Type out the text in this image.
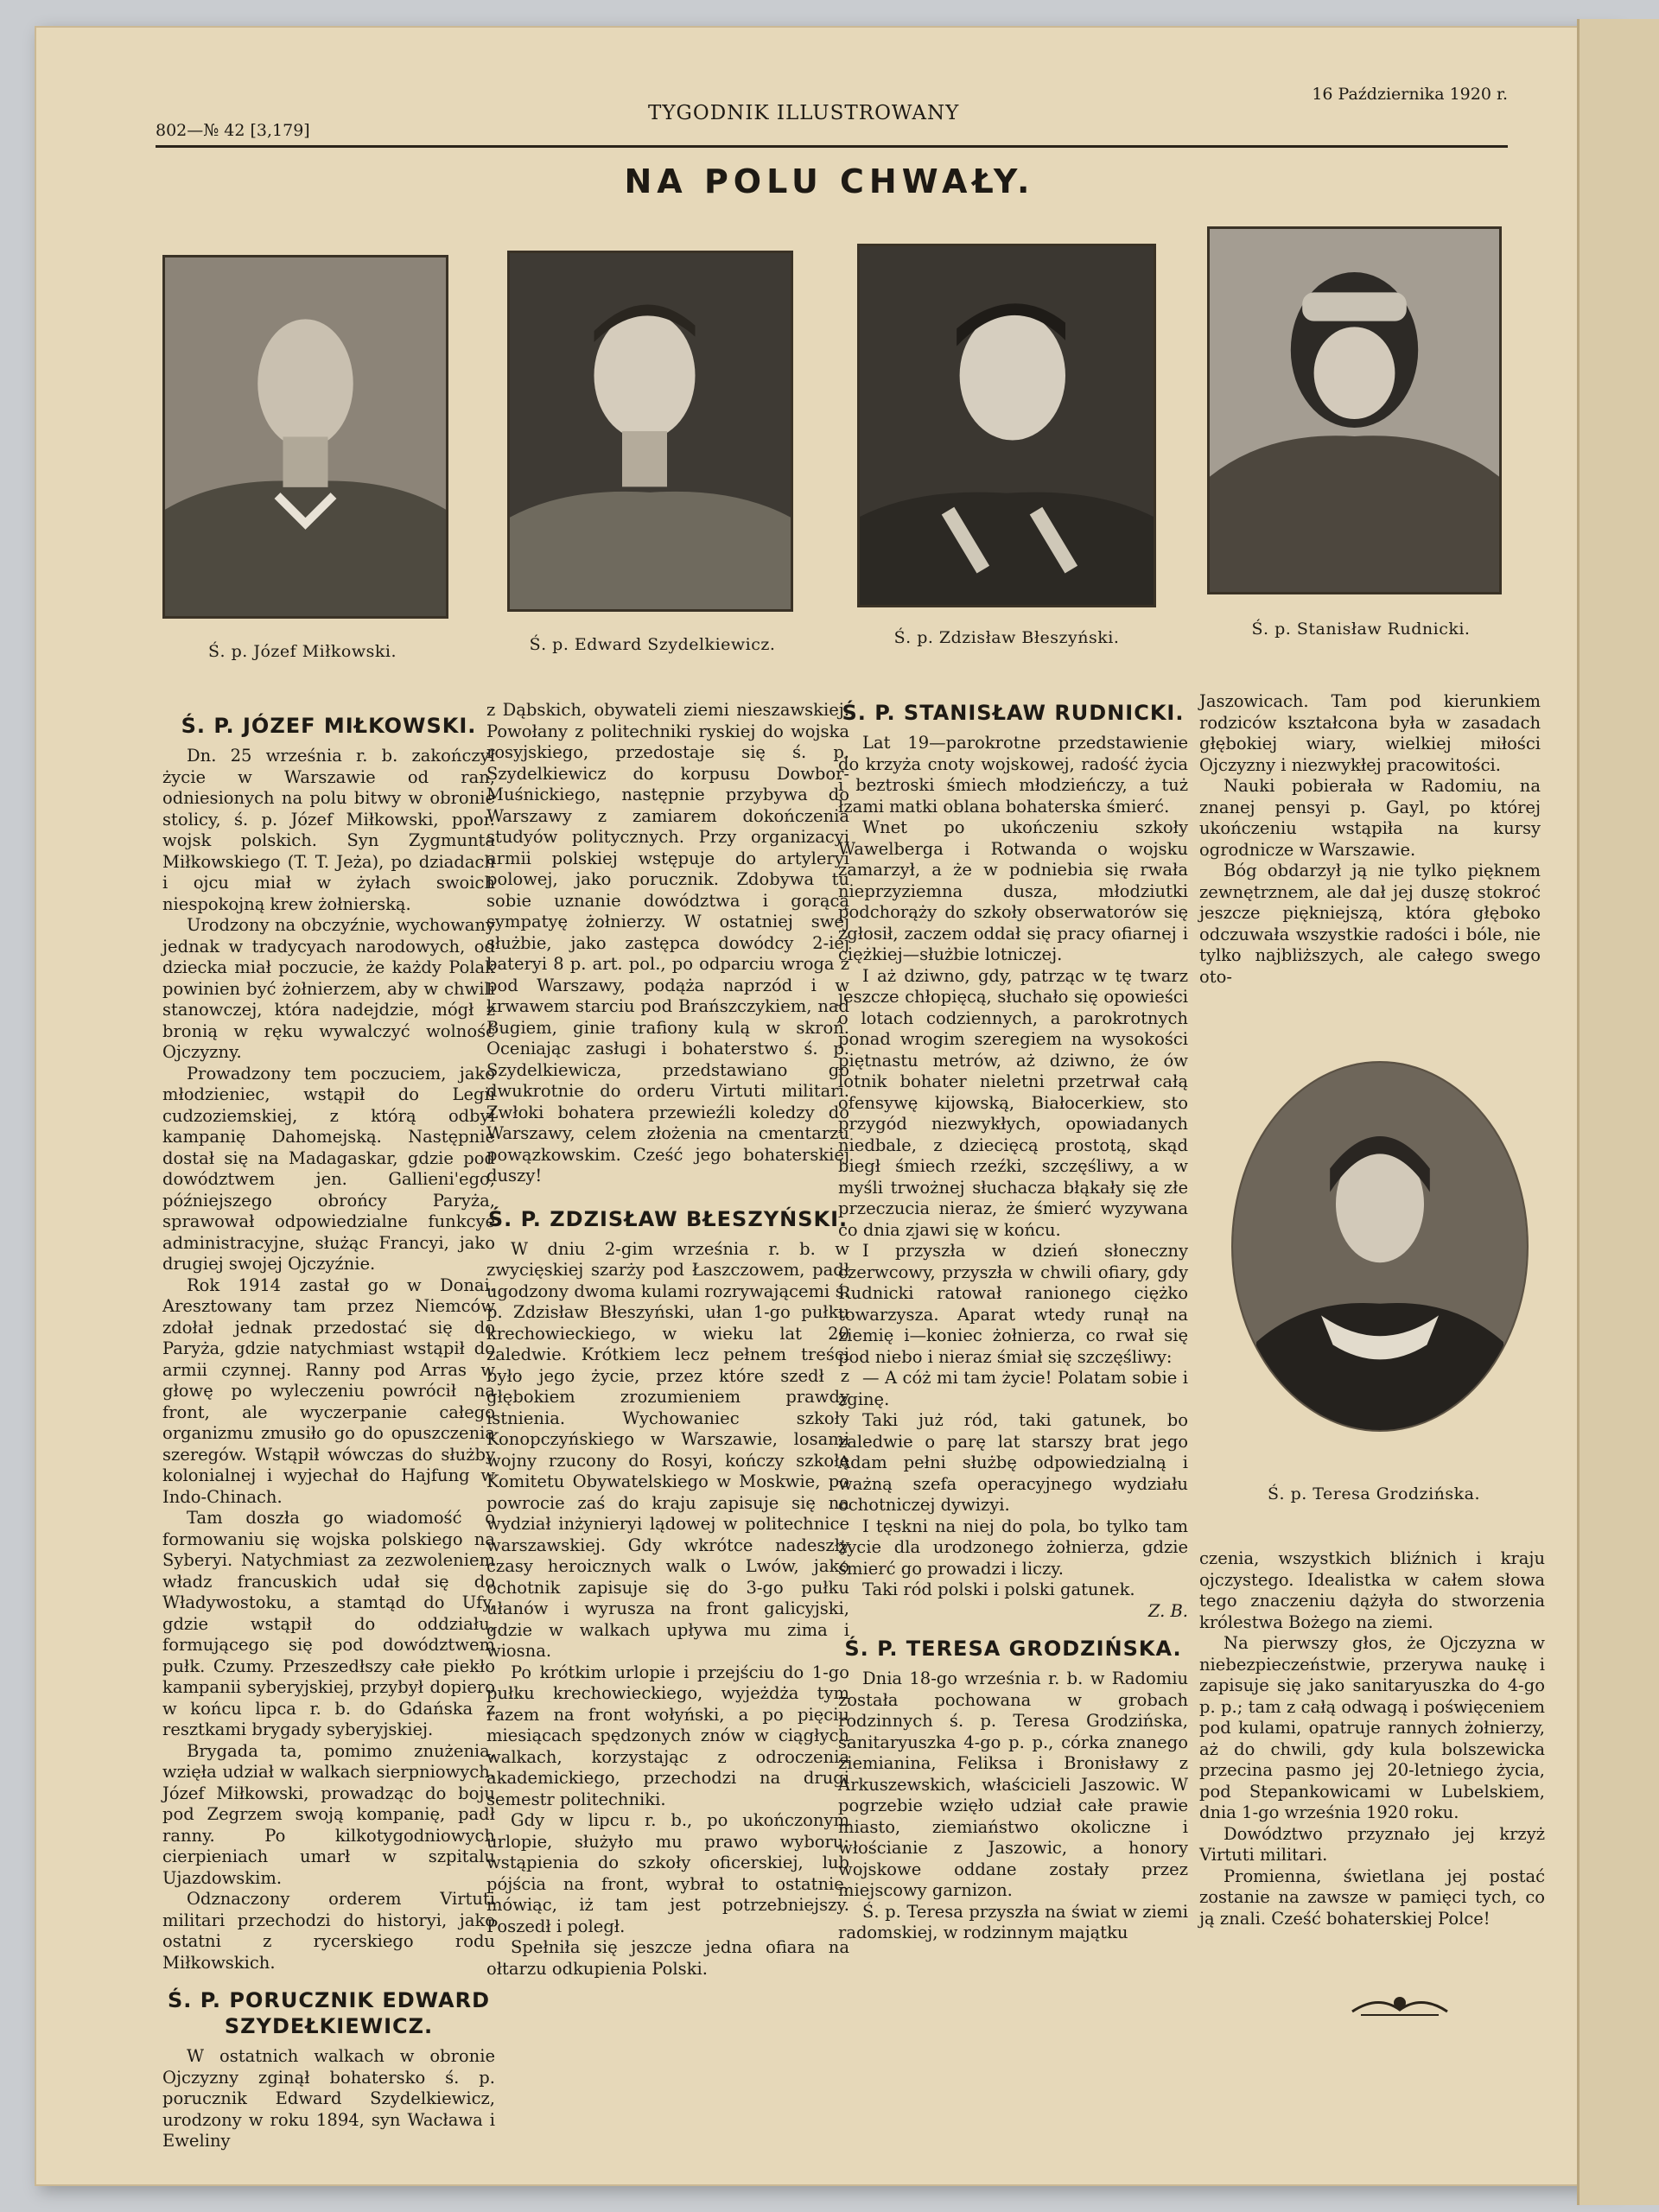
802—№ 42 [3,179]
TYGODNIK ILLUSTROWANY
16 Października 1920 r.
NA POLU CHWAŁY.
Ś. p. Józef Miłkowski.	Ś. p. Edward Szydelkiewicz.	Ś. p. Zdzisław Błeszyński.	Ś. p. Stanisław Rudnicki.
Ś. P. JÓZEF MIŁKOWSKI.

Dn. 25 września r. b. zakończył życie w Warszawie od ran, odniesionych na polu bitwy w obronie stolicy, ś. p. Józef Miłkowski, ppor. wojsk polskich. Syn Zygmunta Miłkowskiego (T. T. Jeża), po dziadach i ojcu miał w żyłach swoich niespokojną krew żołnierską.

Urodzony na obczyźnie, wychowany jednak w tradycyach narodowych, od dziecka miał poczucie, że każdy Polak powinien być żołnierzem, aby w chwili stanowczej, która nadejdzie, mógł z bronią w ręku wywalczyć wolność Ojczyzny.

Prowadzony tem poczuciem, jako młodzieniec, wstąpił do Legii cudzoziemskiej, z którą odbył kampanię Dahomejską. Następnie dostał się na Madagaskar, gdzie pod dowództwem jen. Gallieni'ego, późniejszego obrońcy Paryża, sprawował odpowiedzialne funkcye administracyjne, służąc Francyi, jako drugiej swojej Ojczyźnie.

Rok 1914 zastał go w Donai. Aresztowany tam przez Niemców zdołał jednak przedostać się do Paryża, gdzie natychmiast wstąpił do armii czynnej. Ranny pod Arras w głowę po wyleczeniu powrócił na front, ale wyczerpanie całego organizmu zmusiło go do opuszczenia szeregów. Wstąpił wówczas do służby kolonialnej i wyjechał do Hajfung w Indo-Chinach.

Tam doszła go wiadomość o formowaniu się wojska polskiego na Syberyi. Natychmiast za zezwoleniem władz francuskich udał się do Władywostoku, a stamtąd do Ufy, gdzie wstąpił do oddziału, formującego się pod dowództwem pułk. Czumy. Przeszedłszy całe piekło kampanii syberyjskiej, przybył dopiero w końcu lipca r. b. do Gdańska z resztkami brygady syberyjskiej.

Brygada ta, pomimo znużenia, wzięła udział w walkach sierpniowych. Józef Miłkowski, prowadząc do boju pod Zegrzem swoją kompanię, padł ranny. Po kilkotygodniowych cierpieniach umarł w szpitalu Ujazdowskim.

Odznaczony orderem Virtuti militari przechodzi do historyi, jako ostatni z rycerskiego rodu Miłkowskich.

Ś. P. PORUCZNIK EDWARD SZYDEŁKIEWICZ.

W ostatnich walkach w obronie Ojczyzny zginął bohatersko ś. p. porucznik Edward Szydelkiewicz, urodzony w roku 1894, syn Wacława i Eweliny

z Dąbskich, obywateli ziemi nieszawskiej. Powołany z politechniki ryskiej do wojska rosyjskiego, przedostaje się ś. p. Szydelkiewicz do korpusu Dowbor-Muśnickiego, następnie przybywa do Warszawy z zamiarem dokończenia studyów politycznych. Przy organizacyi armii polskiej wstępuje do artyleryi polowej, jako porucznik. Zdobywa tu sobie uznanie dowództwa i gorącą sympatyę żołnierzy. W ostatniej swej służbie, jako zastępca dowódcy 2-iej bateryi 8 p. art. pol., po odparciu wroga z pod Warszawy, podąża naprzód i w krwawem starciu pod Brańszczykiem, nad Bugiem, ginie trafiony kulą w skroń. Oceniając zasługi i bohaterstwo ś. p. Szydelkiewicza, przedstawiano go dwukrotnie do orderu Virtuti militari. Zwłoki bohatera przewieźli koledzy do Warszawy, celem złożenia na cmentarzu powązkowskim. Cześć jego bohaterskiej duszy!

Ś. P. ZDZISŁAW BŁESZYŃSKI.

W dniu 2-gim września r. b. w zwycięskiej szarży pod Łaszczowem, padł ugodzony dwoma kulami rozrywającemi ś. p. Zdzisław Błeszyński, ułan 1-go pułku krechowieckiego, w wieku lat 20 zaledwie. Krótkiem lecz pełnem treści było jego życie, przez które szedł z głębokiem zrozumieniem prawdy istnienia. Wychowaniec szkoły Konopczyńskiego w Warszawie, losami wojny rzucony do Rosyi, kończy szkołę Komitetu Obywatelskiego w Moskwie, po powrocie zaś do kraju zapisuje się na wydział inżynieryi lądowej w politechnice warszawskiej. Gdy wkrótce nadeszły czasy heroicznych walk o Lwów, jako ochotnik zapisuje się do 3-go pułku ułanów i wyrusza na front galicyjski, gdzie w walkach upływa mu zima i wiosna.

Po krótkim urlopie i przejściu do 1-go pułku krechowieckiego, wyjeżdża tym razem na front wołyński, a po pięciu miesiącach spędzonych znów w ciągłych walkach, korzystając z odroczenia akademickiego, przechodzi na drugi semestr politechniki.

Gdy w lipcu r. b., po ukończonym urlopie, służyło mu prawo wyboru: wstąpienia do szkoły oficerskiej, lub pójścia na front, wybrał to ostatnie, mówiąc, iż tam jest potrzebniejszy. Poszedł i poległ.

Spełniła się jeszcze jedna ofiara na ołtarzu odkupienia Polski.

Ś. P. STANISŁAW RUDNICKI.

Lat 19—parokrotne przedstawienie do krzyża cnoty wojskowej, radość życia i beztroski śmiech młodzieńczy, a tuż łzami matki oblana bohaterska śmierć.

Wnet po ukończeniu szkoły Wawelberga i Rotwanda o wojsku zamarzył, a że w podniebia się rwała nieprzyziemna dusza, młodziutki podchorąży do szkoły obserwatorów się zgłosił, zaczem oddał się pracy ofiarnej i ciężkiej—służbie lotniczej.

I aż dziwno, gdy, patrząc w tę twarz jeszcze chłopięcą, słuchało się opowieści o lotach codziennych, a parokrotnych ponad wrogim szeregiem na wysokości piętnastu metrów, aż dziwno, że ów lotnik bohater nieletni przetrwał całą ofensywę kijowską, Białocerkiew, sto przygód niezwykłych, opowiadanych niedbale, z dziecięcą prostotą, skąd biegł śmiech rzeźki, szczęśliwy, a w myśli trwożnej słuchacza błąkały się złe przeczucia nieraz, że śmierć wyzywana co dnia zjawi się w końcu.

I przyszła w dzień słoneczny czerwcowy, przyszła w chwili ofiary, gdy Rudnicki ratował ranionego ciężko towarzysza. Aparat wtedy runął na ziemię i—koniec żołnierza, co rwał się pod niebo i nieraz śmiał się szczęśliwy:

— A cóż mi tam życie! Polatam sobie i zginę.

Taki już ród, taki gatunek, bo zaledwie o parę lat starszy brat jego Adam pełni służbę odpowiedzialną i ważną szefa operacyjnego wydziału ochotniczej dywizyi.

I tęskni na niej do pola, bo tylko tam życie dla urodzonego żołnierza, gdzie śmierć go prowadzi i liczy.

Taki ród polski i polski gatunek.

Z. B.

Ś. P. TERESA GRODZIŃSKA.

Dnia 18-go września r. b. w Radomiu została pochowana w grobach rodzinnych ś. p. Teresa Grodzińska, sanitaryuszka 4-go p. p., córka znanego ziemianina, Feliksa i Bronisławy z Arkuszewskich, właścicieli Jaszowic. W pogrzebie wzięło udział całe prawie miasto, ziemiaństwo okoliczne i włościanie z Jaszowic, a honory wojskowe oddane zostały przez miejscowy garnizon.

Ś. p. Teresa przyszła na świat w ziemi radomskiej, w rodzinnym majątku

Jaszowicach. Tam pod kierunkiem rodziców kształcona była w zasadach głębokiej wiary, wielkiej miłości Ojczyzny i niezwykłej pracowitości.

Nauki pobierała w Radomiu, na znanej pensyi p. Gayl, po której ukończeniu wstąpiła na kursy ogrodnicze w Warszawie.

Bóg obdarzył ją nie tylko pięknem zewnętrznem, ale dał jej duszę stokroć jeszcze piękniejszą, która głęboko odczuwała wszystkie radości i bóle, nie tylko najbliższych, ale całego swego oto-

Ś. p. Teresa Grodzińska.

czenia, wszystkich bliźnich i kraju ojczystego. Idealistka w całem słowa tego znaczeniu dążyła do stworzenia królestwa Bożego na ziemi.

Na pierwszy głos, że Ojczyzna w niebezpieczeństwie, przerywa naukę i zapisuje się jako sanitaryuszka do 4-go p. p.; tam z całą odwagą i poświęceniem pod kulami, opatruje rannych żołnierzy, aż do chwili, gdy kula bolszewicka przecina pasmo jej 20-letniego życia, pod Stepankowicami w Lubelskiem, dnia 1-go września 1920 roku.

Dowództwo przyznało jej krzyż Virtuti militari.

Promienna, świetlana jej postać zostanie na zawsze w pamięci tych, co ją znali. Cześć bohaterskiej Polce!
